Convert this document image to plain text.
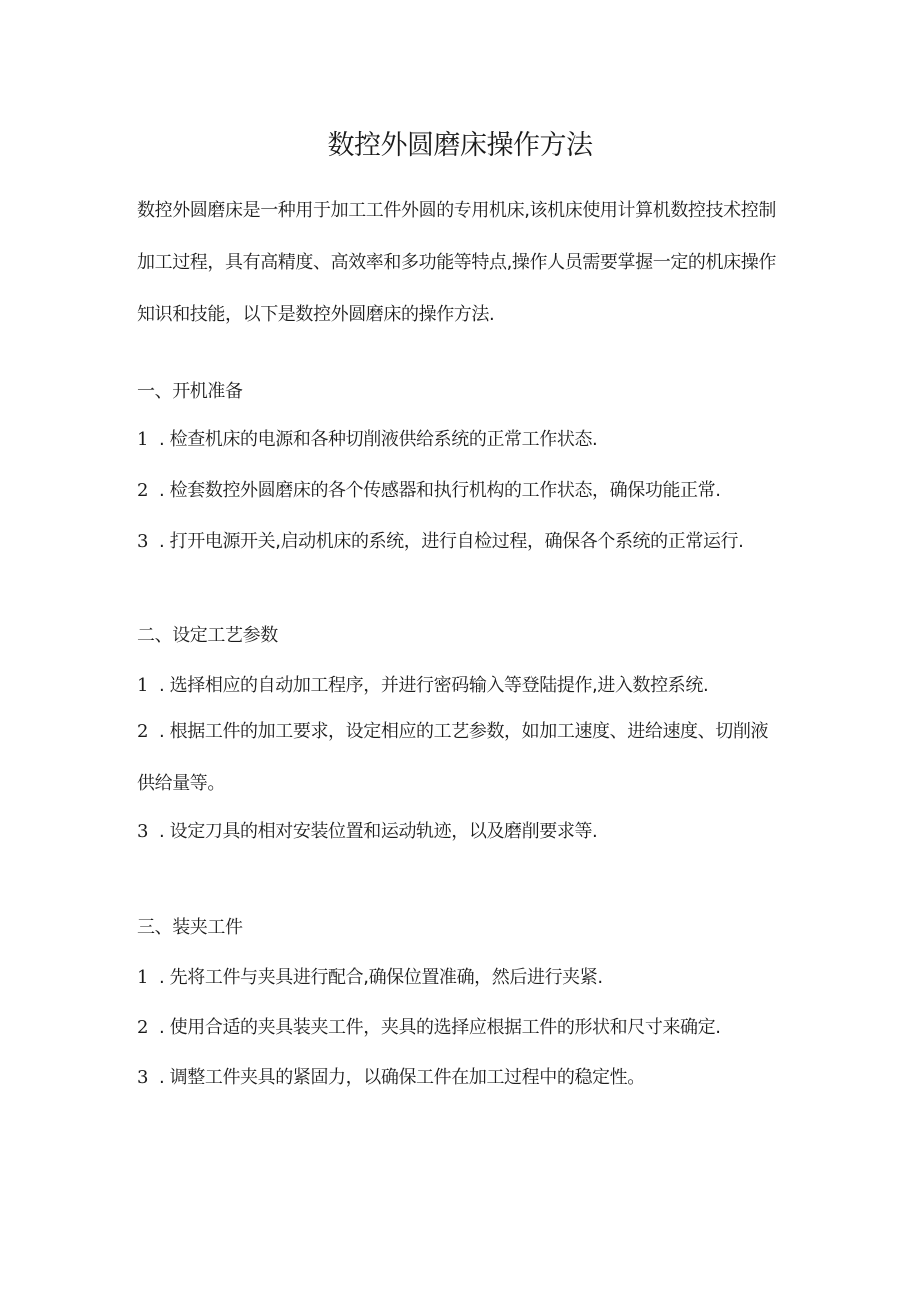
数控外圆磨床操作方法
数控外圆磨床是一种用于加工工件外圆的专用机床,该机床使用计算机数控技术控制加工过程，具有高精度、高效率和多功能等特点,操作人员需要掌握一定的机床操作知识和技能，以下是数控外圆磨床的操作方法.
一、开机准备
1 . 检查机床的电源和各种切削液供给系统的正常工作状态.
2 . 检套数控外圆磨床的各个传感器和执行机构的工作状态，确保功能正常.
3 . 打开电源开关,启动机床的系统，进行自检过程，确保各个系统的正常运行.
二、设定工艺参数
1 . 选择相应的自动加工程序，并进行密码输入等登陆提作,进入数控系统.
2 . 根据工件的加工要求，设定相应的工艺参数，如加工速度、进给速度、切削液供给量等。
3 . 设定刀具的相对安装位置和运动轨迹，以及磨削要求等.
三、装夹工件
1 . 先将工件与夹具进行配合,确保位置准确，然后进行夹紧.
2 . 使用合适的夹具装夹工件，夹具的选择应根据工件的形状和尺寸来确定.
3 . 调整工件夹具的紧固力，以确保工件在加工过程中的稳定性。
